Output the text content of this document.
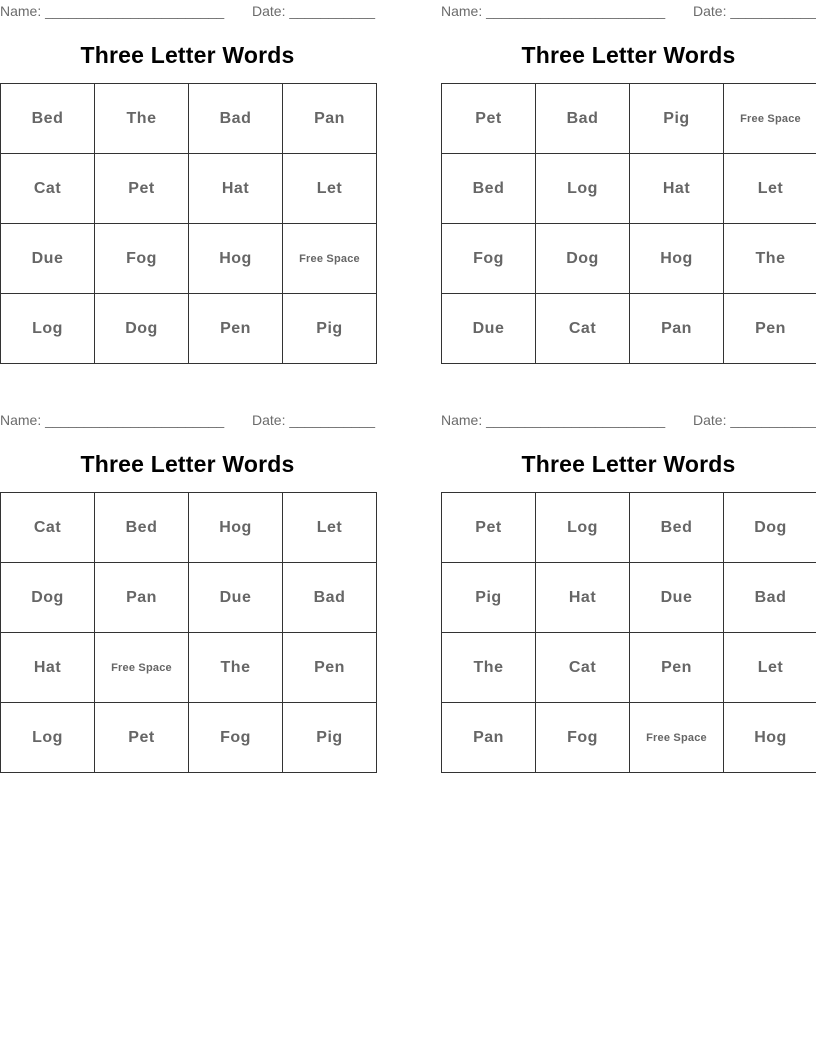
Name: _______________________ Date: ___________
Three Letter Words
Bed	The	Bad	Pan
Cat	Pet	Hat	Let
Due	Fog	Hog	Free Space
Log	Dog	Pen	Pig
Name: _______________________ Date: ___________
Three Letter Words
Pet	Bad	Pig	Free Space
Bed	Log	Hat	Let
Fog	Dog	Hog	The
Due	Cat	Pan	Pen
Name: _______________________ Date: ___________
Three Letter Words
Cat	Bed	Hog	Let
Dog	Pan	Due	Bad
Hat	Free Space	The	Pen
Log	Pet	Fog	Pig
Name: _______________________ Date: ___________
Three Letter Words
Pet	Log	Bed	Dog
Pig	Hat	Due	Bad
The	Cat	Pen	Let
Pan	Fog	Free Space	Hog
